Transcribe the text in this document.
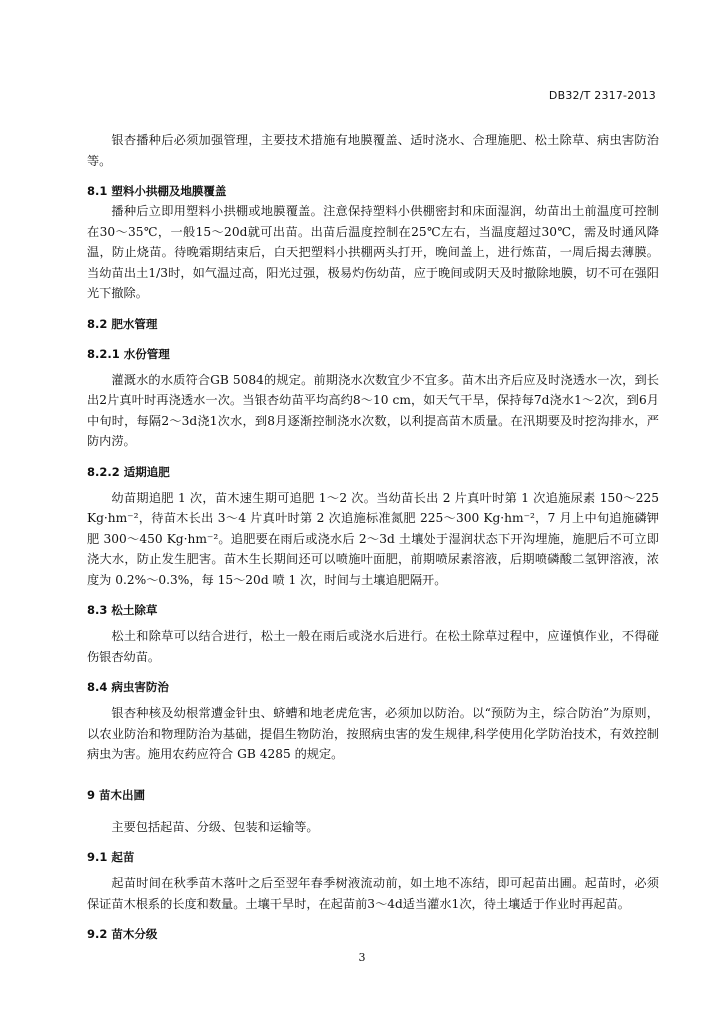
DB32/T 2317-2013

银杏播种后必须加强管理，主要技术措施有地膜覆盖、适时浇水、合理施肥、松土除草、病虫害防治等。

8.1 塑料小拱棚及地膜覆盖

播种后立即用塑料小拱棚或地膜覆盖。注意保持塑料小供棚密封和床面湿润，幼苗出土前温度可控制在30～35℃，一般15～20d就可出苗。出苗后温度控制在25℃左右，当温度超过30℃，需及时通风降温，防止烧苗。待晚霜期结束后，白天把塑料小拱棚两头打开，晚间盖上，进行炼苗，一周后揭去薄膜。当幼苗出土1/3时，如气温过高，阳光过强，极易灼伤幼苗，应于晚间或阴天及时撤除地膜，切不可在强阳光下撤除。

8.2 肥水管理
8.2.1 水份管理

灌溉水的水质符合GB 5084的规定。前期浇水次数宜少不宜多。苗木出齐后应及时浇透水一次，到长出2片真叶时再浇透水一次。当银杏幼苗平均高约8～10 cm，如天气干旱，保持每7d浇水1～2次，到6月中旬时，每隔2～3d浇1次水，到8月逐渐控制浇水次数，以利提高苗木质量。在汛期要及时挖沟排水，严防内涝。

8.2.2 适期追肥

幼苗期追肥 1 次，苗木速生期可追肥 1～2 次。当幼苗长出 2 片真叶时第 1 次追施尿素 150～225 Kg·hm⁻²，待苗木长出 3～4 片真叶时第 2 次追施标准氮肥 225～300 Kg·hm⁻²，7 月上中旬追施磷钾肥 300～450 Kg·hm⁻²。追肥要在雨后或浇水后 2～3d 土壤处于湿润状态下开沟埋施，施肥后不可立即浇大水，防止发生肥害。苗木生长期间还可以喷施叶面肥，前期喷尿素溶液，后期喷磷酸二氢钾溶液，浓度为 0.2%～0.3%，每 15～20d 喷 1 次，时间与土壤追肥隔开。

8.3 松土除草

松土和除草可以结合进行，松土一般在雨后或浇水后进行。在松土除草过程中，应谨慎作业，不得碰伤银杏幼苗。

8.4 病虫害防治

银杏种核及幼根常遭金针虫、蛴螬和地老虎危害，必须加以防治。以“预防为主，综合防治”为原则，以农业防治和物理防治为基础，提倡生物防治，按照病虫害的发生规律,科学使用化学防治技术，有效控制病虫为害。施用农药应符合 GB 4285 的规定。

9 苗木出圃

主要包括起苗、分级、包装和运输等。

9.1 起苗

起苗时间在秋季苗木落叶之后至翌年春季树液流动前，如土地不冻结，即可起苗出圃。起苗时，必须保证苗木根系的长度和数量。土壤干旱时，在起苗前3～4d适当灌水1次，待土壤适于作业时再起苗。

9.2 苗木分级
3
